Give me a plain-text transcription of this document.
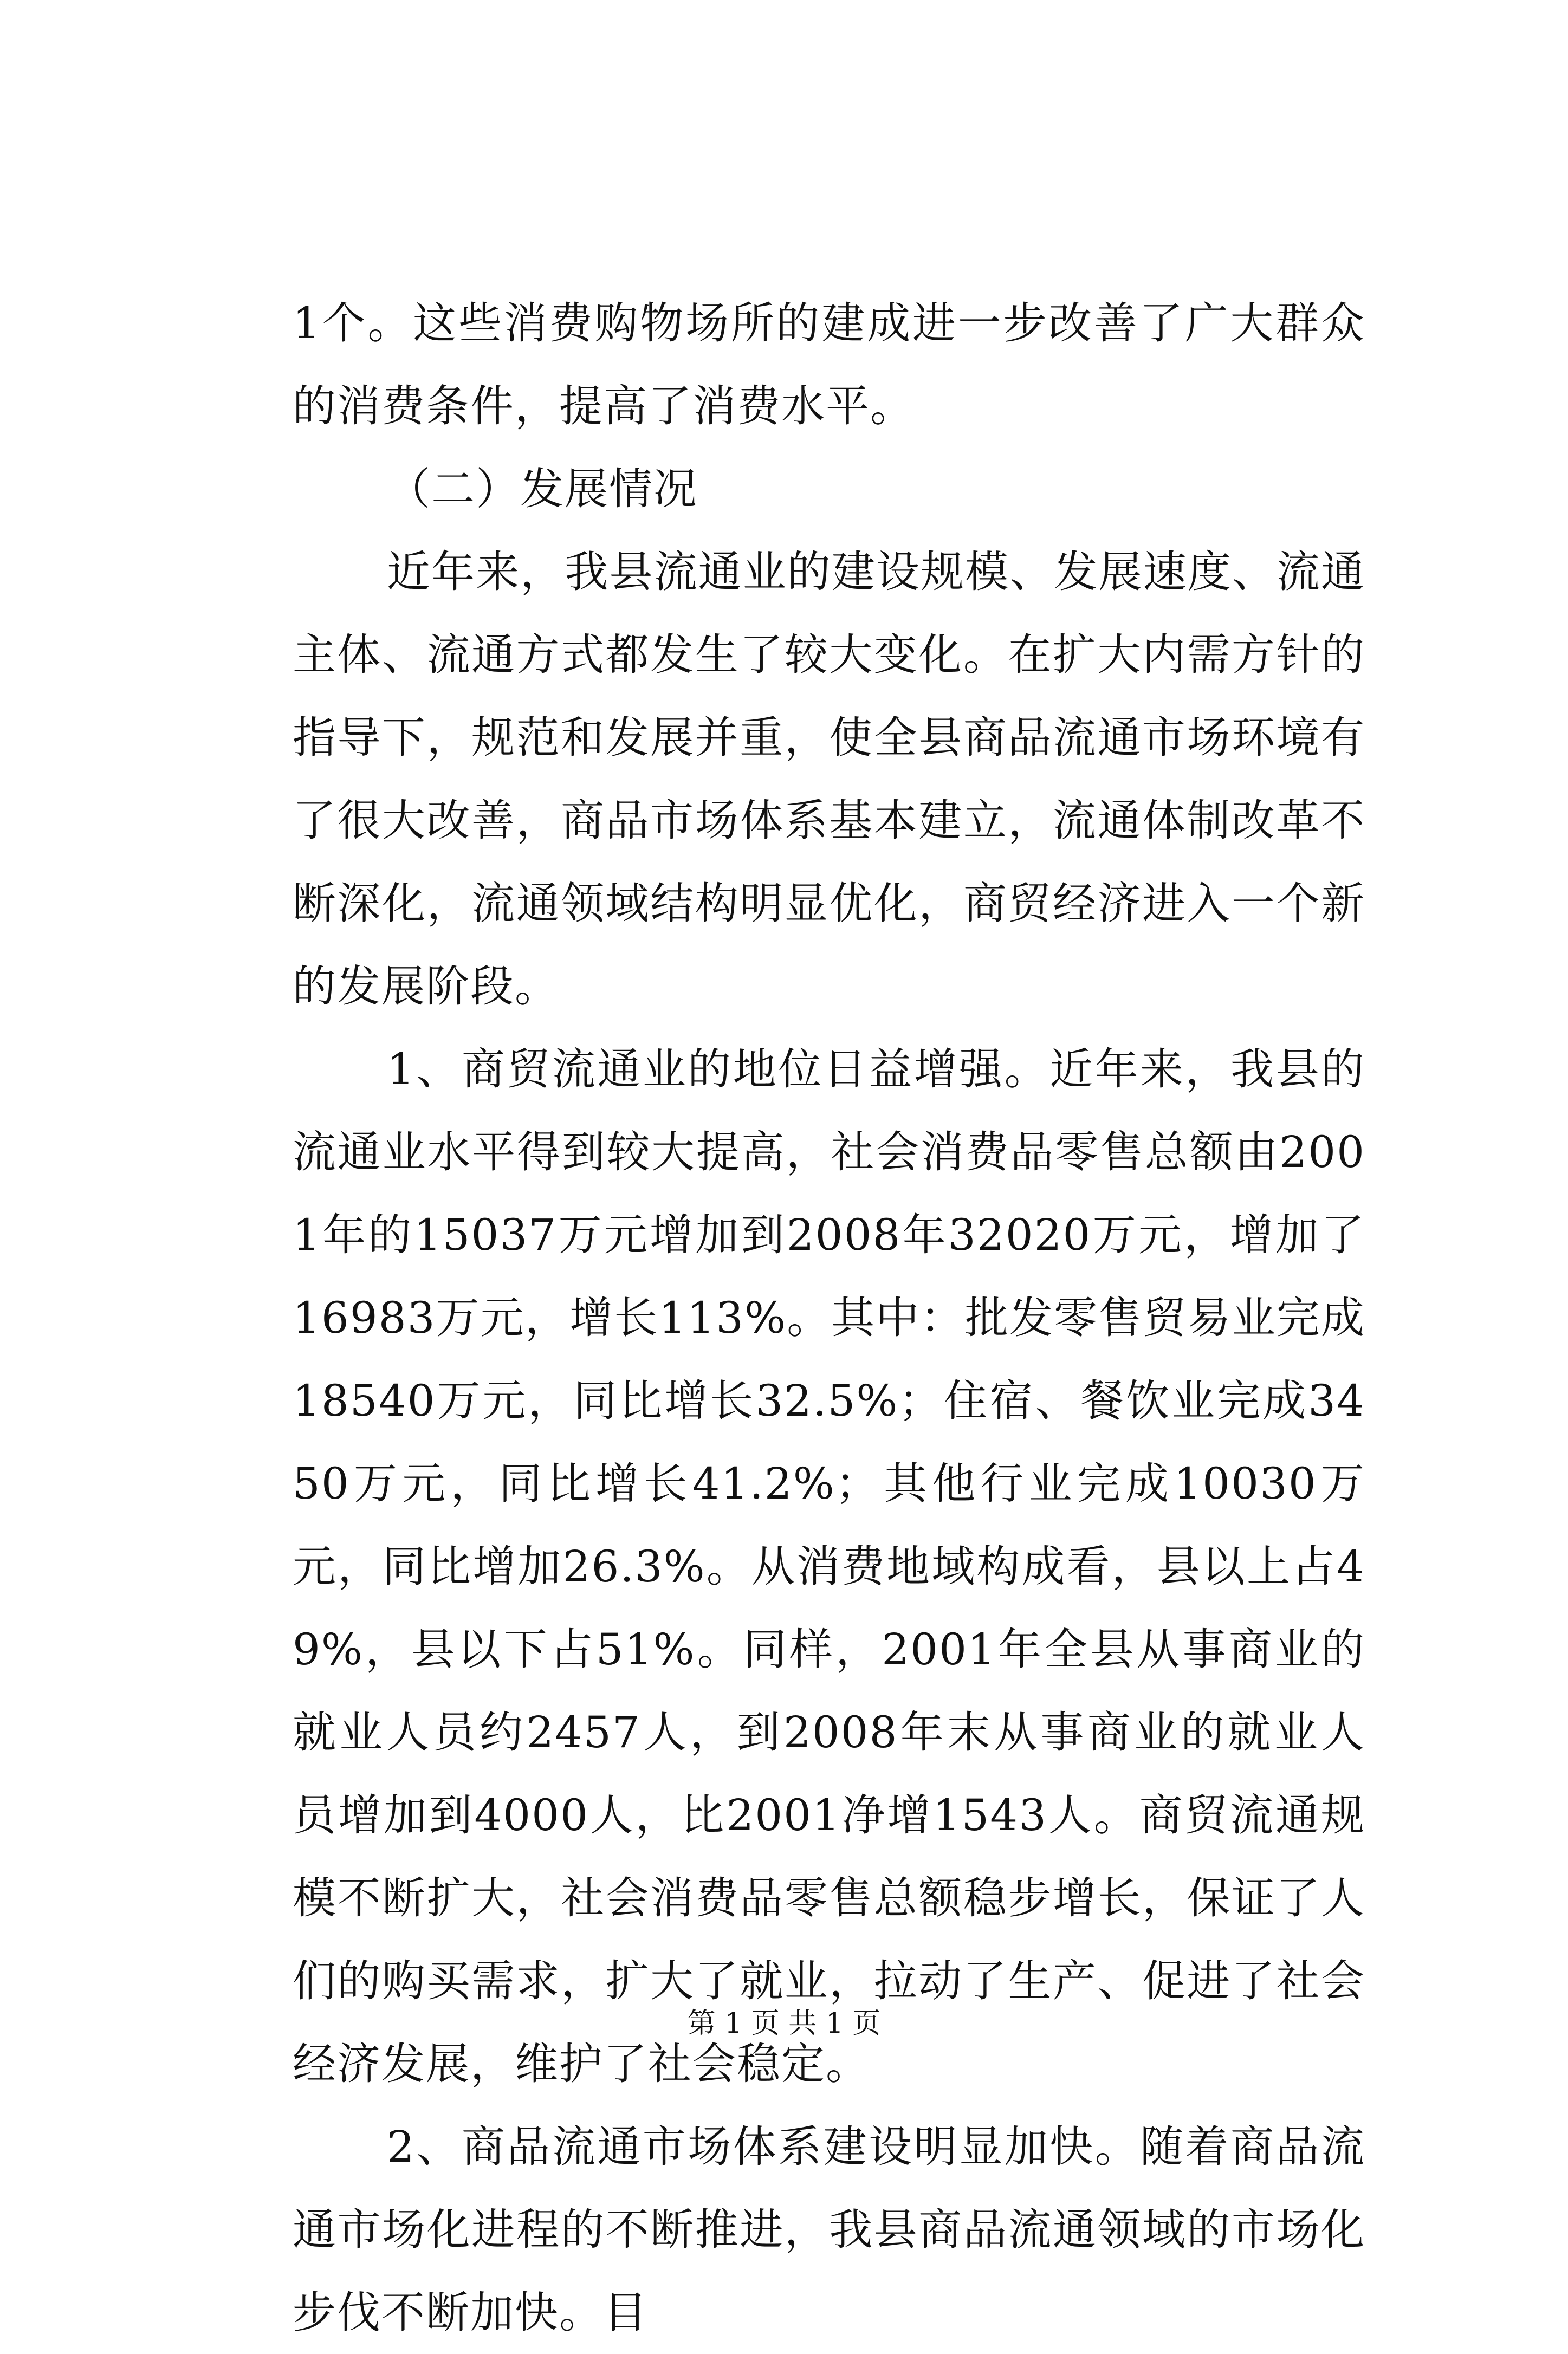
1个。这些消费购物场所的建成进一步改善了广大群众的消费条件，提高了消费水平。

（二）发展情况

近年来，我县流通业的建设规模、发展速度、流通主体、流通方式都发生了较大变化。在扩大内需方针的指导下，规范和发展并重，使全县商品流通市场环境有了很大改善，商品市场体系基本建立，流通体制改革不断深化，流通领域结构明显优化，商贸经济进入一个新的发展阶段。

1、商贸流通业的地位日益增强。近年来，我县的流通业水平得到较大提高，社会消费品零售总额由2001年的15037万元增加到2008年32020万元，增加了16983万元，增长113%。其中：批发零售贸易业完成18540万元，同比增长32.5%；住宿、餐饮业完成3450万元，同比增长41.2%；其他行业完成10030万元，同比增加26.3%。从消费地域构成看，县以上占49%，县以下占51%。同样，2001年全县从事商业的就业人员约2457人，到2008年末从事商业的就业人员增加到4000人，比2001净增1543人。商贸流通规模不断扩大，社会消费品零售总额稳步增长，保证了人们的购买需求，扩大了就业，拉动了生产、促进了社会经济发展，维护了社会稳定。

2、商品流通市场体系建设明显加快。随着商品流通市场化进程的不断推进，我县商品流通领域的市场化步伐不断加快。目

第 1 页 共 1 页
